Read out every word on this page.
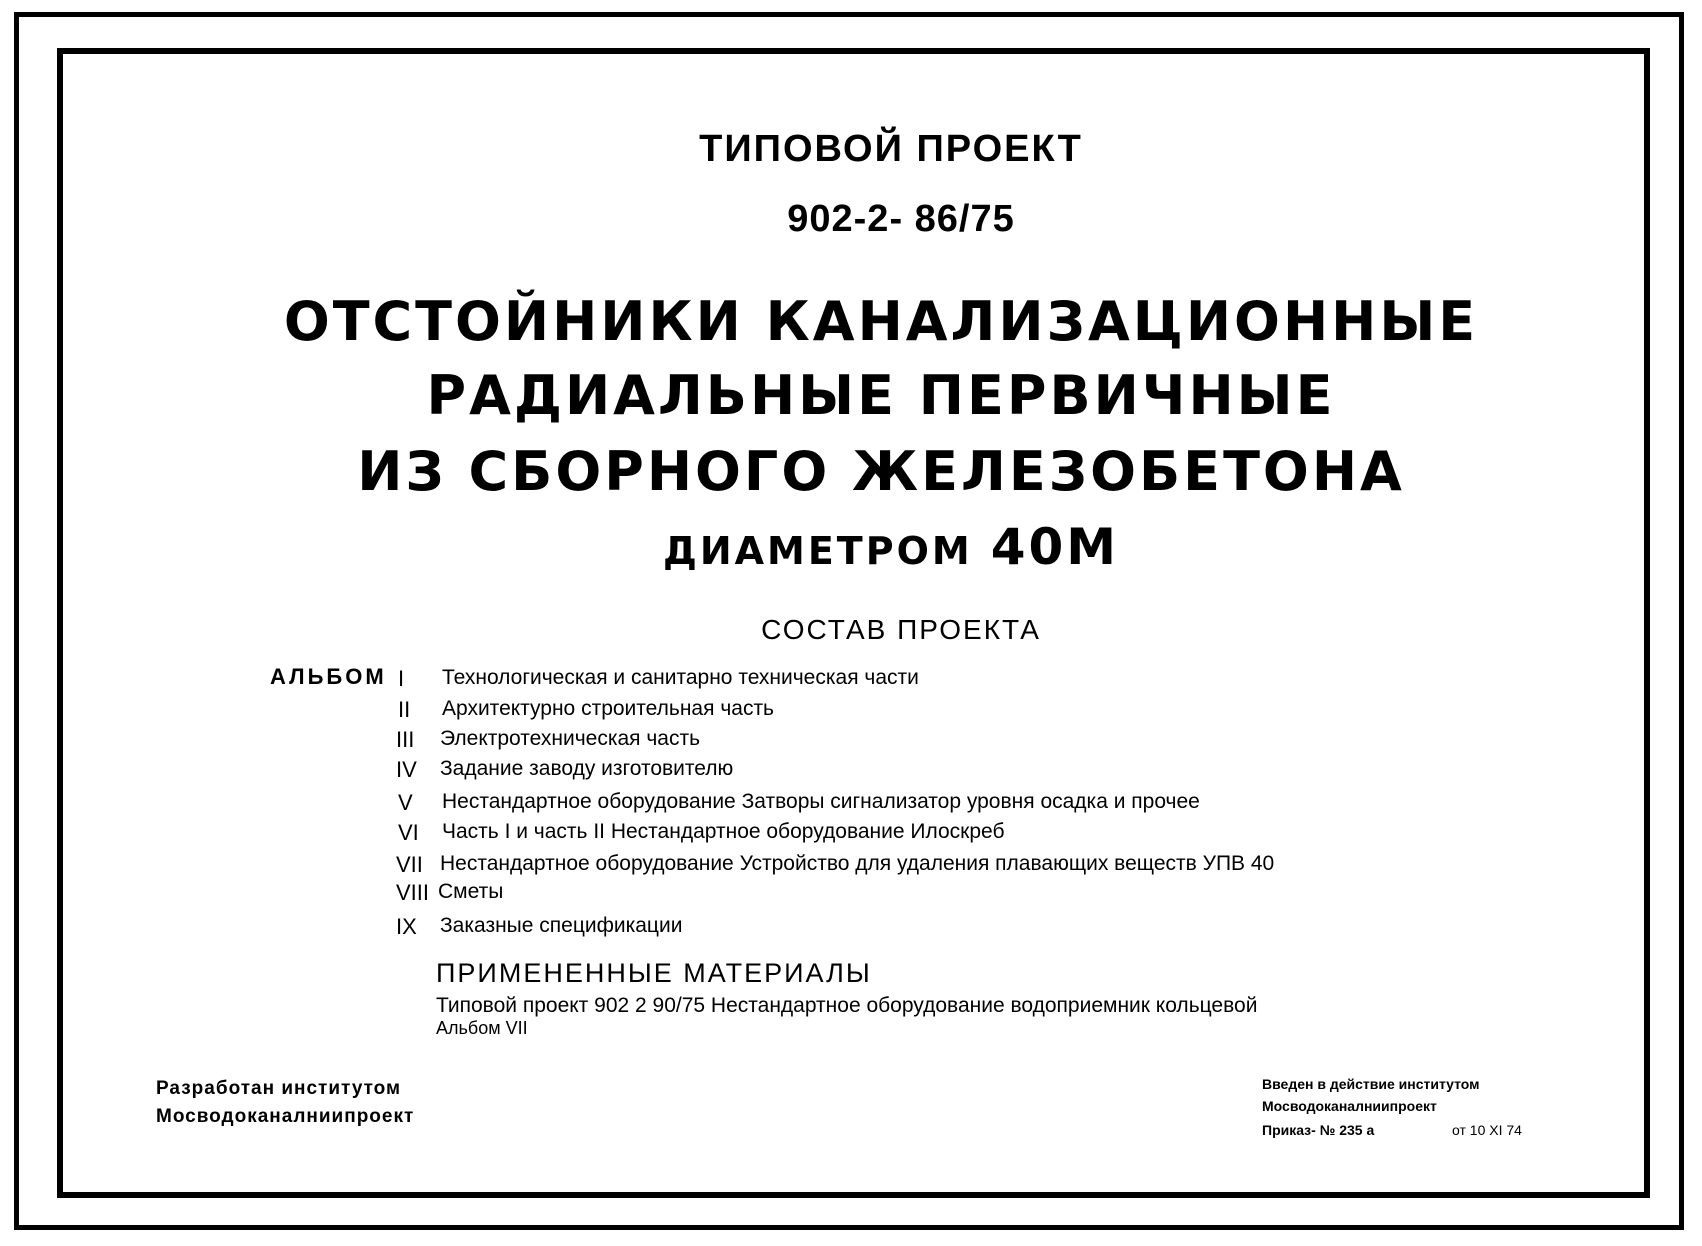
ТИПОВОЙ ПРОЕКТ
902-2- 86/75
ОТСТОЙНИКИ КАНАЛИЗАЦИОННЫЕ
РАДИАЛЬНЫЕ ПЕРВИЧНЫЕ
ИЗ СБОРНОГО ЖЕЛЕЗОБЕТОНА
ДИАМЕТРОМ 40М
СОСТАВ ПРОЕКТА
АЛЬБОМ I Технологическая и санитарно техническая части
II Архитектурно строительная часть
III Электротехническая часть
IV Задание заводу изготовителю
V Нестандартное оборудование Затворы сигнализатор уровня осадка и прочее
VI Часть I и часть II Нестандартное оборудование Илоскреб
VII Нестандартное оборудование Устройство для удаления плавающих веществ УПВ 40
VIII Сметы
IX Заказные спецификации
ПРИМЕНЕННЫЕ МАТЕРИАЛЫ
Типовой проект 902 2 90/75 Нестандартное оборудование водоприемник кольцевой
Альбом VII
Разработан институтом
Мосводоканалниипроект
Введен в действие институтом
Мосводоканалниипроект
Приказ- № 235 а	от 10 XI 74
